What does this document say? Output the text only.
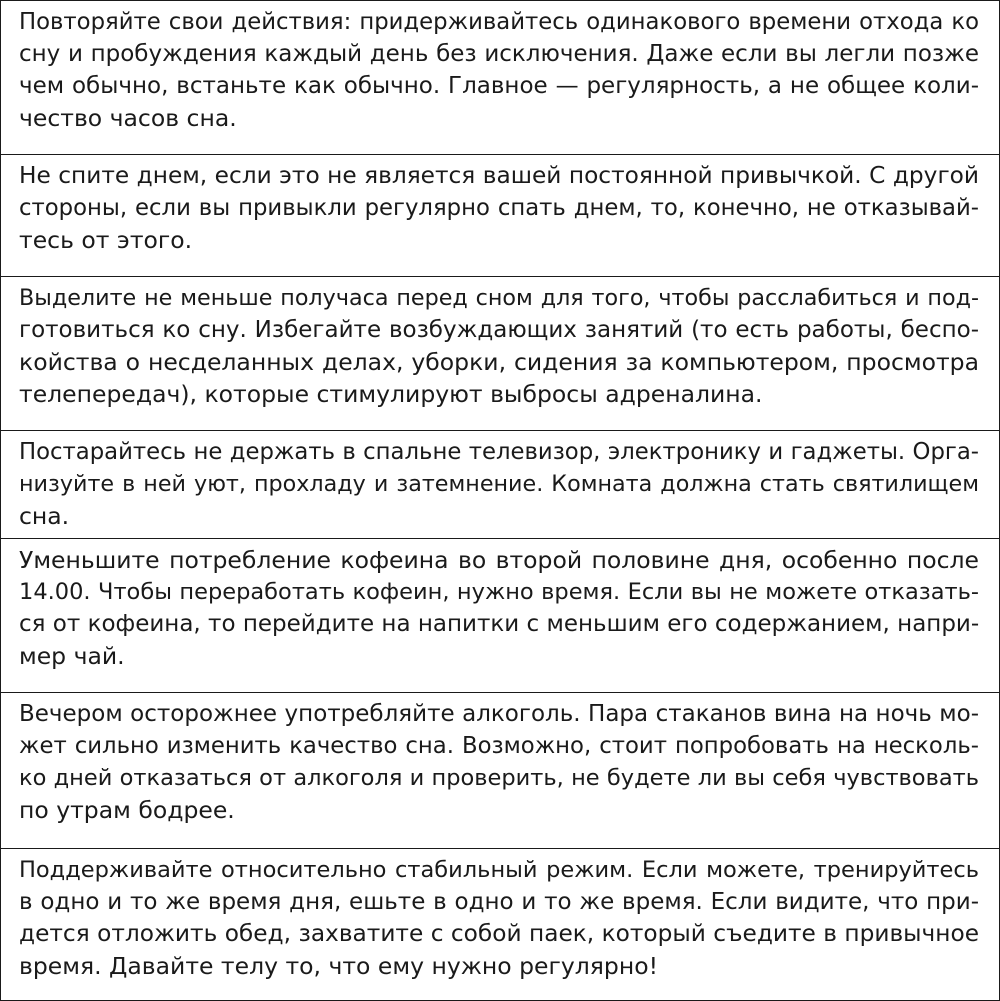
Повторяйте свои действия: придерживайтесь одинакового времени отхода ко
сну и пробуждения каждый день без исключения. Даже если вы легли позже
чем обычно, встаньте как обычно. Главное — регулярность, а не общее коли-
чество часов сна.

Не спите днем, если это не является вашей постоянной привычкой. С другой
стороны, если вы привыкли регулярно спать днем, то, конечно, не отказывай-
тесь от этого.

Выделите не меньше получаса перед сном для того, чтобы расслабиться и под-
готовиться ко сну. Избегайте возбуждающих занятий (то есть работы, беспо-
койства о несделанных делах, уборки, сидения за компьютером, просмотра
телепередач), которые стимулируют выбросы адреналина.

Постарайтесь не держать в спальне телевизор, электронику и гаджеты. Орга-
низуйте в ней уют, прохладу и затемнение. Комната должна стать святилищем
сна.

Уменьшите потребление кофеина во второй половине дня, особенно после
14.00. Чтобы переработать кофеин, нужно время. Если вы не можете отказать-
ся от кофеина, то перейдите на напитки с меньшим его содержанием, напри-
мер чай.

Вечером осторожнее употребляйте алкоголь. Пара стаканов вина на ночь мо-
жет сильно изменить качество сна. Возможно, стоит попробовать на несколь-
ко дней отказаться от алкоголя и проверить, не будете ли вы себя чувствовать
по утрам бодрее.

Поддерживайте относительно стабильный режим. Если можете, тренируйтесь
в одно и то же время дня, ешьте в одно и то же время. Если видите, что при-
дется отложить обед, захватите с собой паек, который съедите в привычное
время. Давайте телу то, что ему нужно регулярно!
